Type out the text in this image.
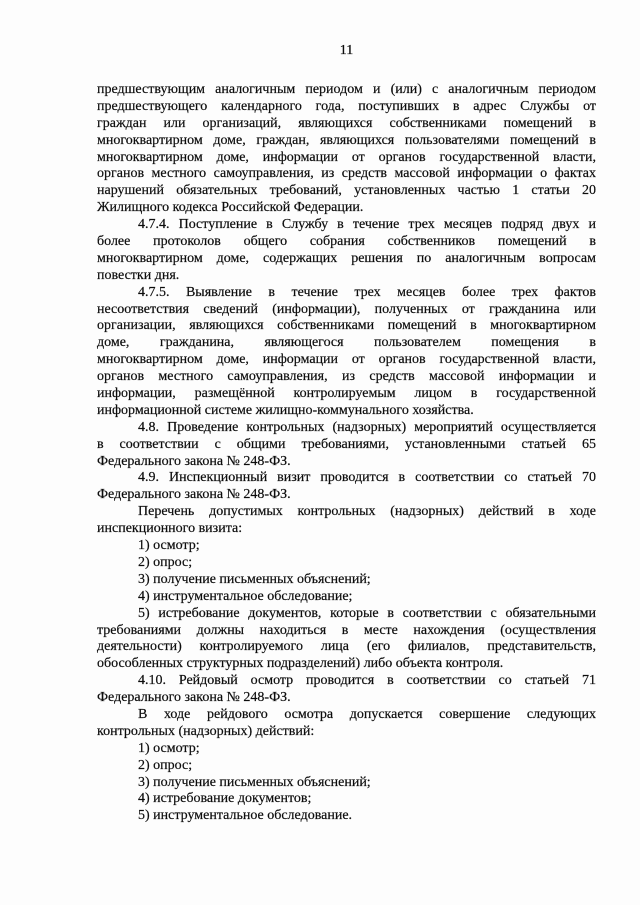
11
предшествующим аналогичным периодом и (или) с аналогичным периодом
предшествующего календарного года, поступивших в адрес Службы от
граждан или организаций, являющихся собственниками помещений в
многоквартирном доме, граждан, являющихся пользователями помещений в
многоквартирном доме, информации от органов государственной власти,
органов местного самоуправления, из средств массовой информации о фактах
нарушений обязательных требований, установленных частью 1 статьи 20
Жилищного кодекса Российской Федерации.
4.7.4. Поступление в Службу в течение трех месяцев подряд двух и
более протоколов общего собрания собственников помещений в
многоквартирном доме, содержащих решения по аналогичным вопросам
повестки дня.
4.7.5. Выявление в течение трех месяцев более трех фактов
несоответствия сведений (информации), полученных от гражданина или
организации, являющихся собственниками помещений в многоквартирном
доме, гражданина, являющегося пользователем помещения в
многоквартирном доме, информации от органов государственной власти,
органов местного самоуправления, из средств массовой информации и
информации, размещённой контролируемым лицом в государственной
информационной системе жилищно-коммунального хозяйства.
4.8. Проведение контрольных (надзорных) мероприятий осуществляется
в соответствии с общими требованиями, установленными статьей 65
Федерального закона № 248-ФЗ.
4.9. Инспекционный визит проводится в соответствии со статьей 70
Федерального закона № 248-ФЗ.
Перечень допустимых контрольных (надзорных) действий в ходе
инспекционного визита:
1) осмотр;
2) опрос;
3) получение письменных объяснений;
4) инструментальное обследование;
5) истребование документов, которые в соответствии с обязательными
требованиями должны находиться в месте нахождения (осуществления
деятельности) контролируемого лица (его филиалов, представительств,
обособленных структурных подразделений) либо объекта контроля.
4.10. Рейдовый осмотр проводится в соответствии со статьей 71
Федерального закона № 248-ФЗ.
В ходе рейдового осмотра допускается совершение следующих
контрольных (надзорных) действий:
1) осмотр;
2) опрос;
3) получение письменных объяснений;
4) истребование документов;
5) инструментальное обследование.
